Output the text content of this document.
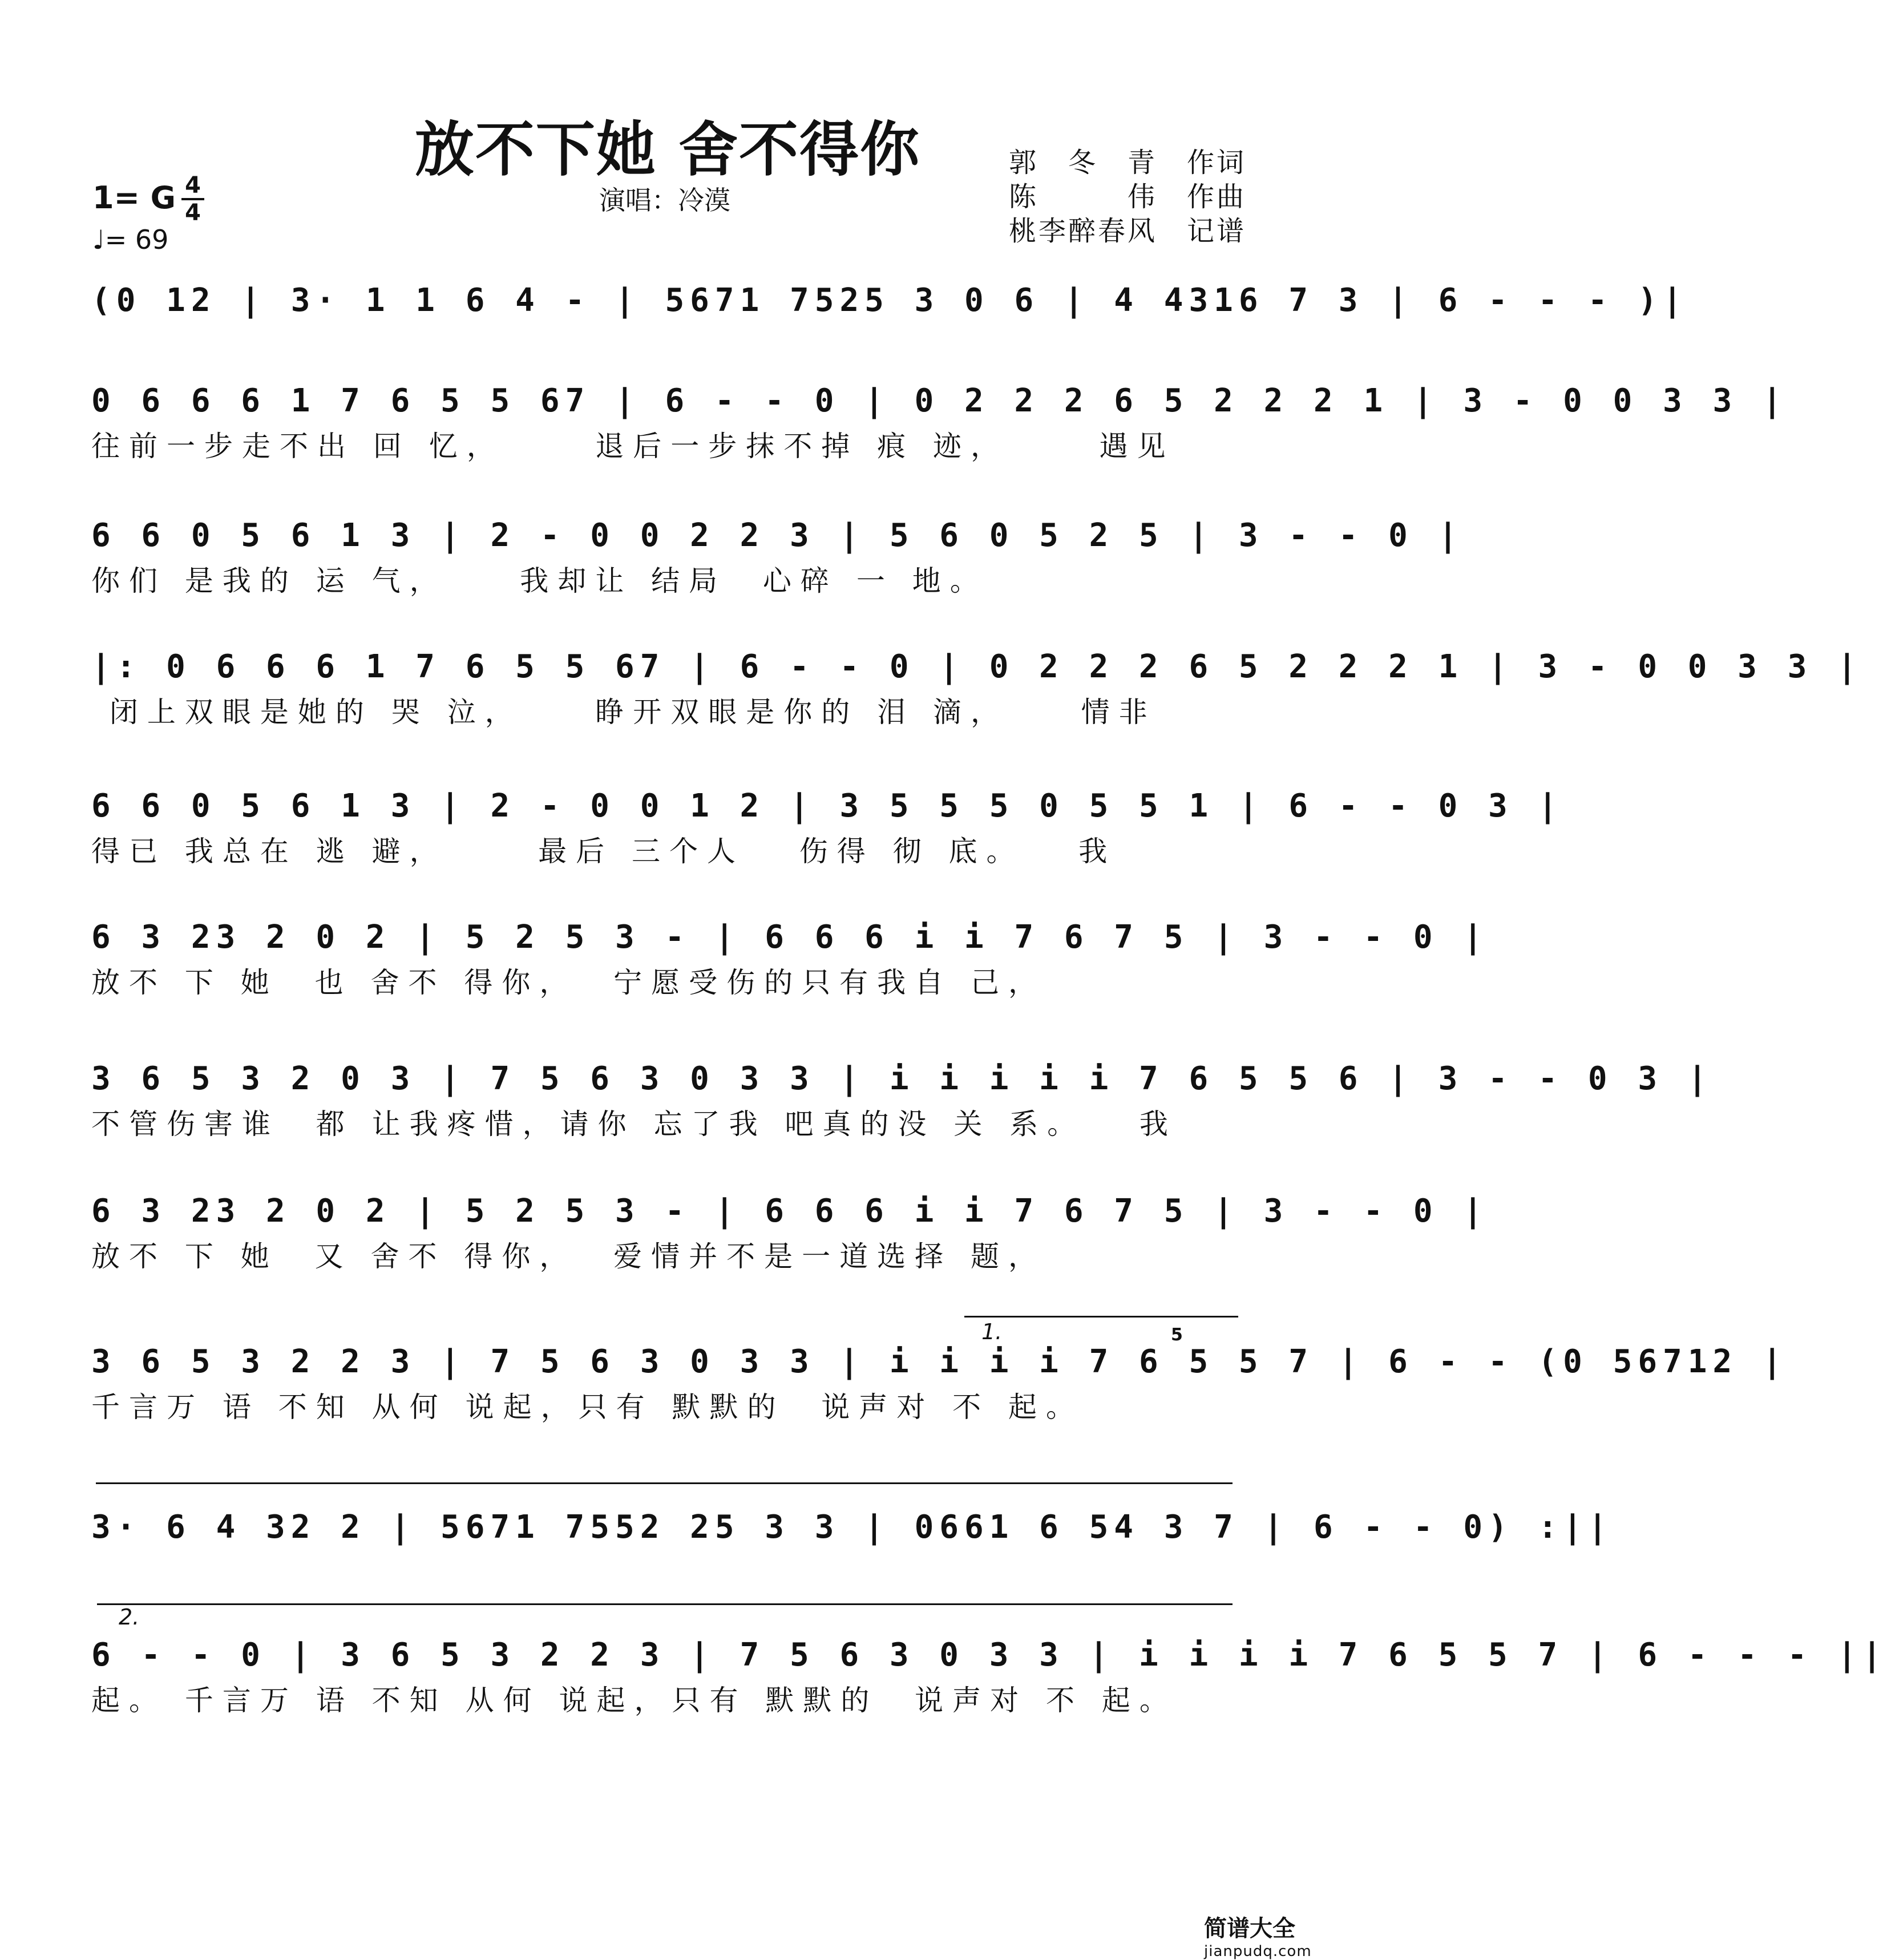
放不下她 舍不得你
演唱：冷漠
郭　冬　青　作词
陈　　　伟　作曲
桃李醉春风　记谱
1= G 4
4
♩= 69
(0 12 | 3· 1 1 6 4 - | 5671 7525 3 0 6 | 4 4316 7 3 | 6 - - - )|
0 6 6 6 1 7 6 5 5 67 | 6 - - 0 | 0 2 2 2 6 5 2 2 2 1 | 3 - 0 0 3 3 |
往前一步走不出 回 忆，     退后一步抹不掉 痕 迹，     遇见
6 6 0 5 6 1 3 | 2 - 0 0 2 2 3 | 5 6 0 5 2 5 | 3 - - 0 |
你们 是我的 运 气，    我却让 结局  心碎 一 地。
|: 0 6 6 6 1 7 6 5 5 67 | 6 - - 0 | 0 2 2 2 6 5 2 2 2 1 | 3 - 0 0 3 3 |
闭上双眼是她的 哭 泣，    睁开双眼是你的 泪 滴，    情非
6 6 0 5 6 1 3 | 2 - 0 0 1 2 | 3 5 5 5 0 5 5 1 | 6 - - 0 3 |
得已 我总在 逃 避，     最后 三个人   伤得 彻 底。   我
6 3 23 2 0 2 | 5 2 5 3 - | 6 6 6 i i 7 6 7 5 | 3 - - 0 |
放不 下 她  也 舍不 得你，  宁愿受伤的只有我自 己，
3 6 5 3 2 0 3 | 7 5 6 3 0 3 3 | i i i i i 7 6 5 5 6 | 3 - - 0 3 |
不管伤害谁  都 让我疼惜，请你 忘了我 吧真的没 关 系。   我
6 3 23 2 0 2 | 5 2 5 3 - | 6 6 6 i i 7 6 7 5 | 3 - - 0 |
放不 下 她  又 舍不 得你，  爱情并不是一道选择 题，
1.	5
3 6 5 3 2 2 3 | 7 5 6 3 0 3 3 | i i i i 7 6 5 5 7 | 6 - - (0 56712 |
千言万 语 不知 从何 说起，只有 默默的  说声对 不 起。
3· 6 4 32 2 | 5671 7552 25 3 3 | 0661 6 54 3 7 | 6 - - 0) :||
2.
6 - - 0 | 3 6 5 3 2 2 3 | 7 5 6 3 0 3 3 | i i i i 7 6 5 5 7 | 6 - - - ||
起。 千言万 语 不知 从何 说起，只有 默默的  说声对 不 起。
简谱大全
jianpudq.com
